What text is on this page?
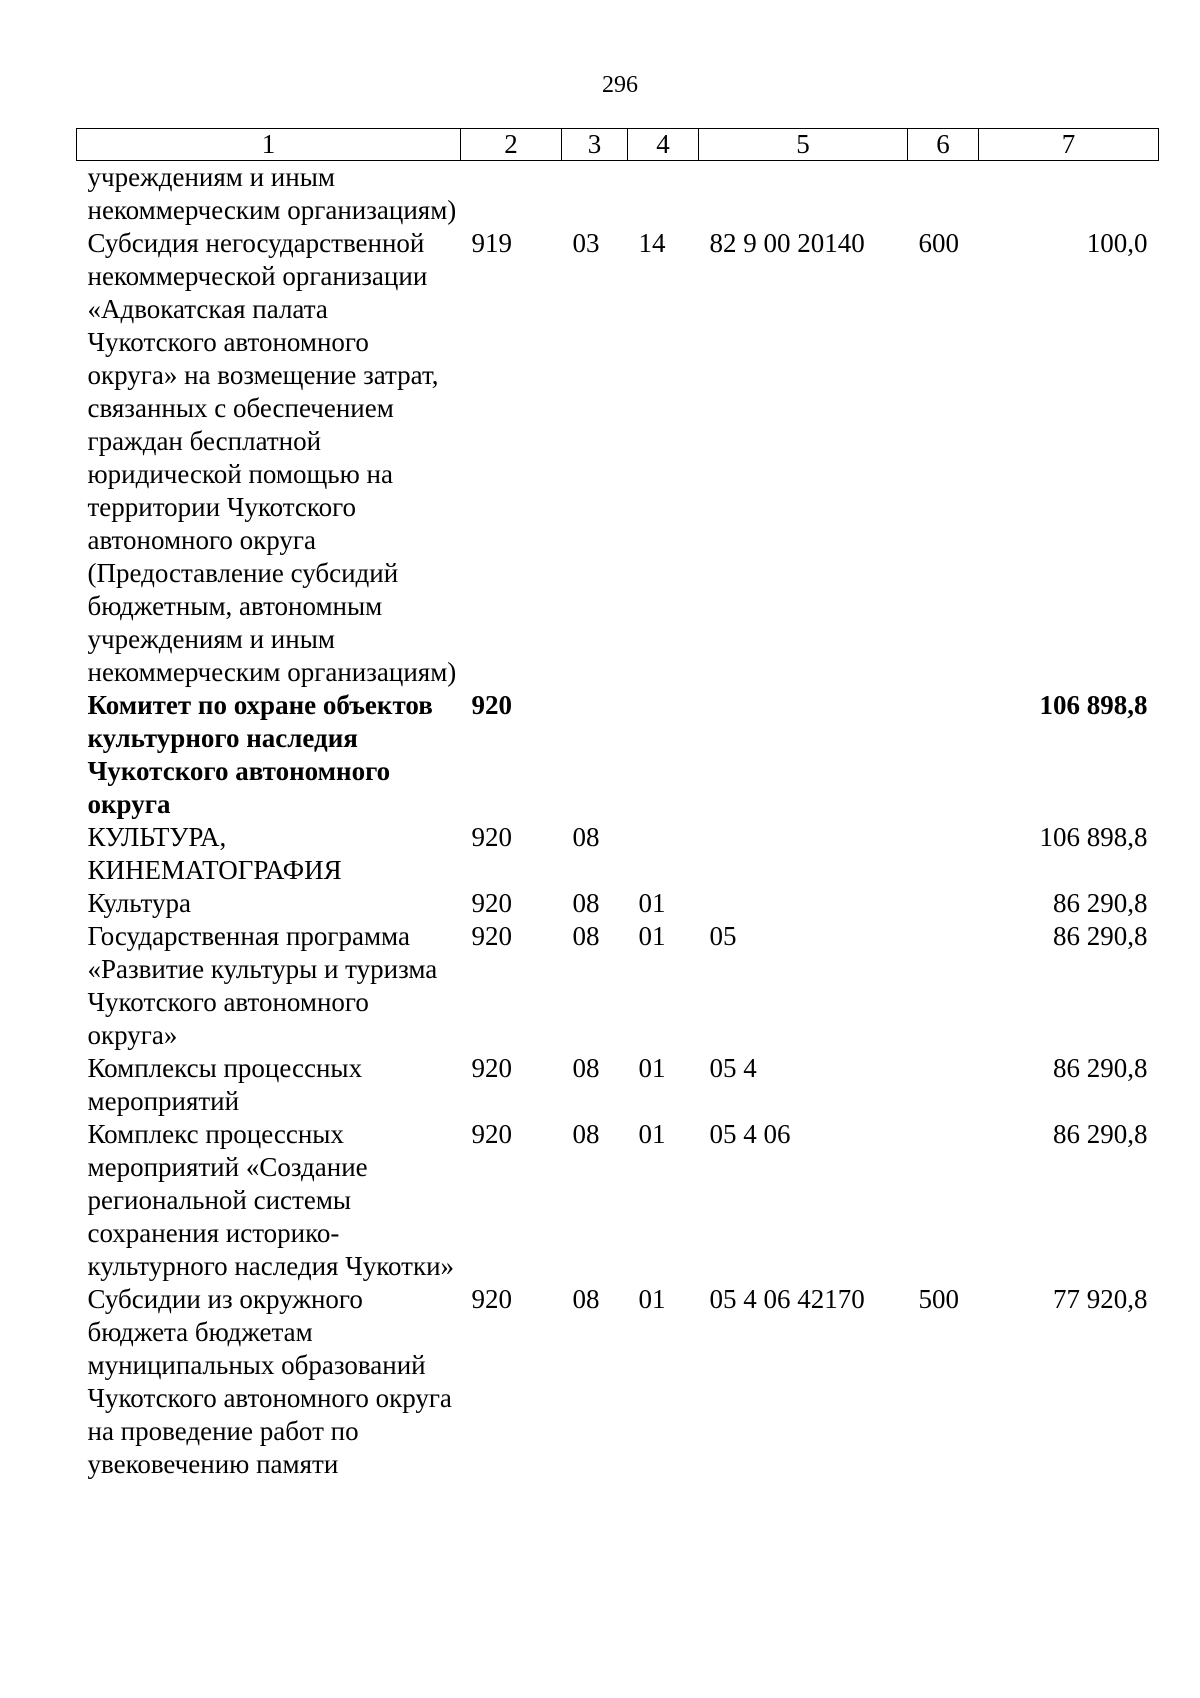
296
1	2	3	4	5	6	7
учреждениям и иным некоммерческим организациям)						
Субсидия негосударственной некоммерческой организации «Адвокатская палата Чукотского автономного округа» на возмещение затрат, связанных с обеспечением граждан бесплатной юридической помощью на территории Чукотского автономного округа (Предоставление субсидий бюджетным, автономным учреждениям и иным некоммерческим организациям)	919	03	14	82 9 00 20140	600	100,0
Комитет по охране объектов культурного наследия Чукотского автономного округа	920					106 898,8
КУЛЬТУРА, КИНЕМАТОГРАФИЯ	920	08				106 898,8
Культура	920	08	01			86 290,8
Государственная программа «Развитие культуры и туризма Чукотского автономного округа»	920	08	01	05		86 290,8
Комплексы процессных мероприятий	920	08	01	05 4		86 290,8
Комплекс процессных мероприятий «Создание региональной системы сохранения историко-культурного наследия Чукотки»	920	08	01	05 4 06		86 290,8
Субсидии из окружного бюджета бюджетам муниципальных образований Чукотского автономного округа на проведение работ по увековечению памяти	920	08	01	05 4 06 42170	500	77 920,8
